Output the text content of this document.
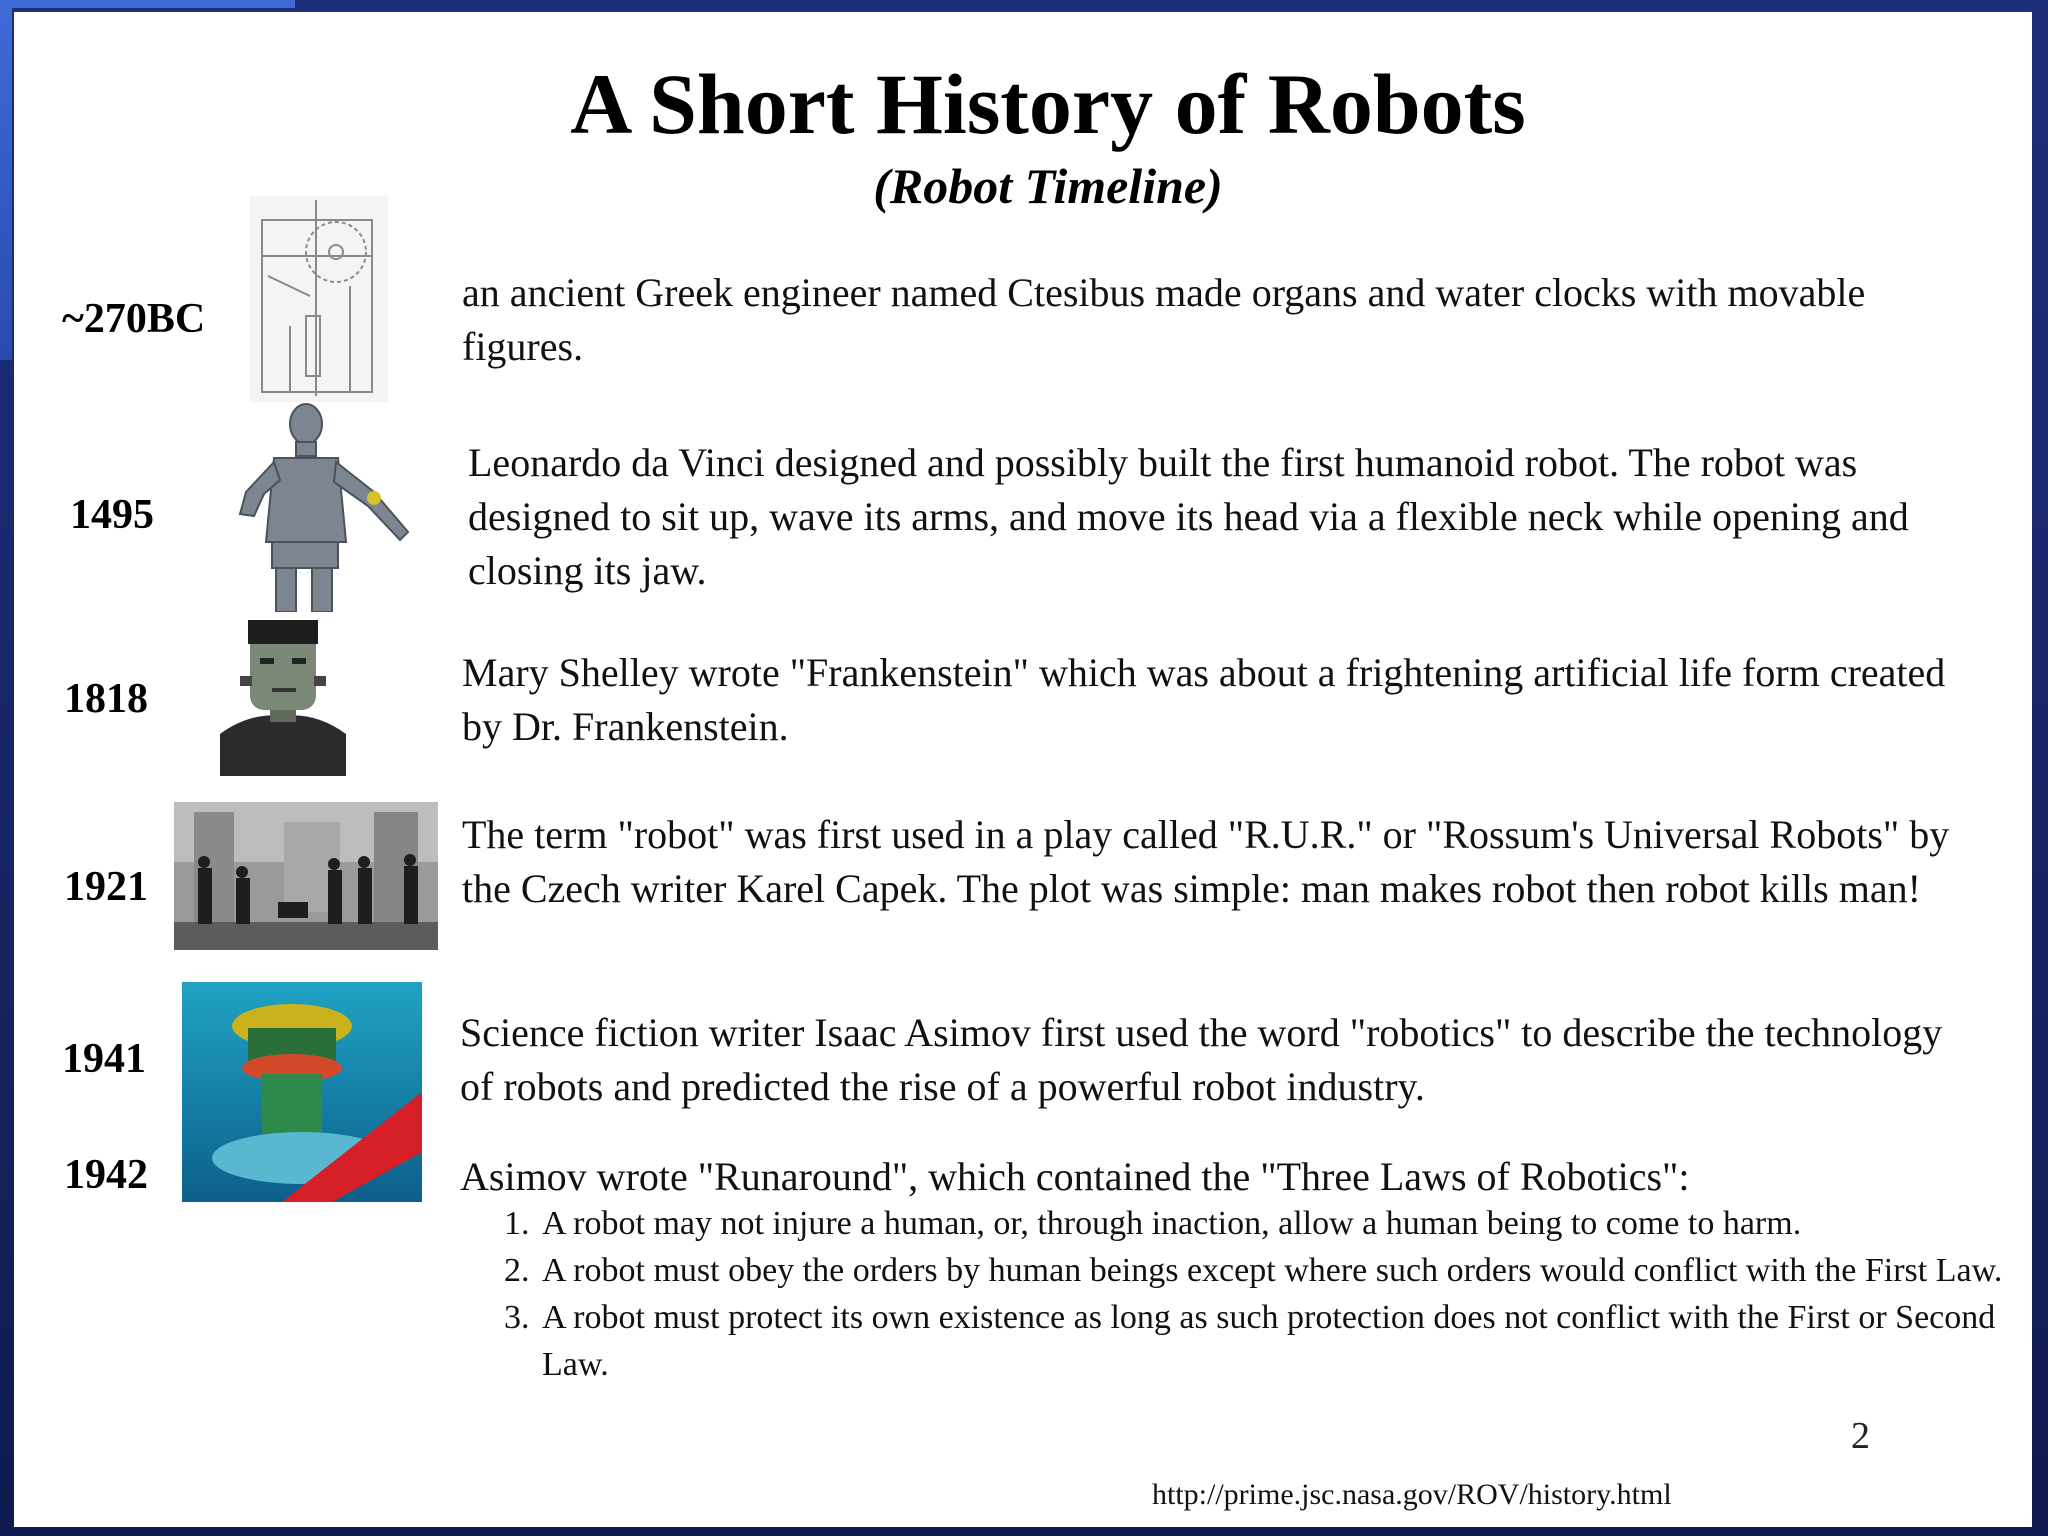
A Short History of Robots
(Robot Timeline)
~270BC

an ancient Greek engineer named Ctesibus made organs and water clocks with movable figures.

1495

Leonardo da Vinci designed and possibly built the first humanoid robot. The robot was designed to sit up, wave its arms, and move its head via a flexible neck while opening and closing its jaw.

1818

Mary Shelley wrote "Frankenstein" which was about a frightening artificial life form created by Dr. Frankenstein.

1921

The term "robot" was first used in a play called "R.U.R." or "Rossum's Universal Robots" by the Czech writer Karel Capek. The plot was simple: man makes robot then robot kills man!

1941
1942

Science fiction writer Isaac Asimov first used the word "robotics" to describe the technology of robots and predicted the rise of a powerful robot industry.

Asimov wrote "Runaround", which contained the "Three Laws of Robotics":

1. A robot may not injure a human, or, through inaction, allow a human being to come to harm.
2. A robot must obey the orders by human beings except where such orders would conflict with the First Law.
3. A robot must protect its own existence as long as such protection does not conflict with the First or Second Law.
2
http://prime.jsc.nasa.gov/ROV/history.html
